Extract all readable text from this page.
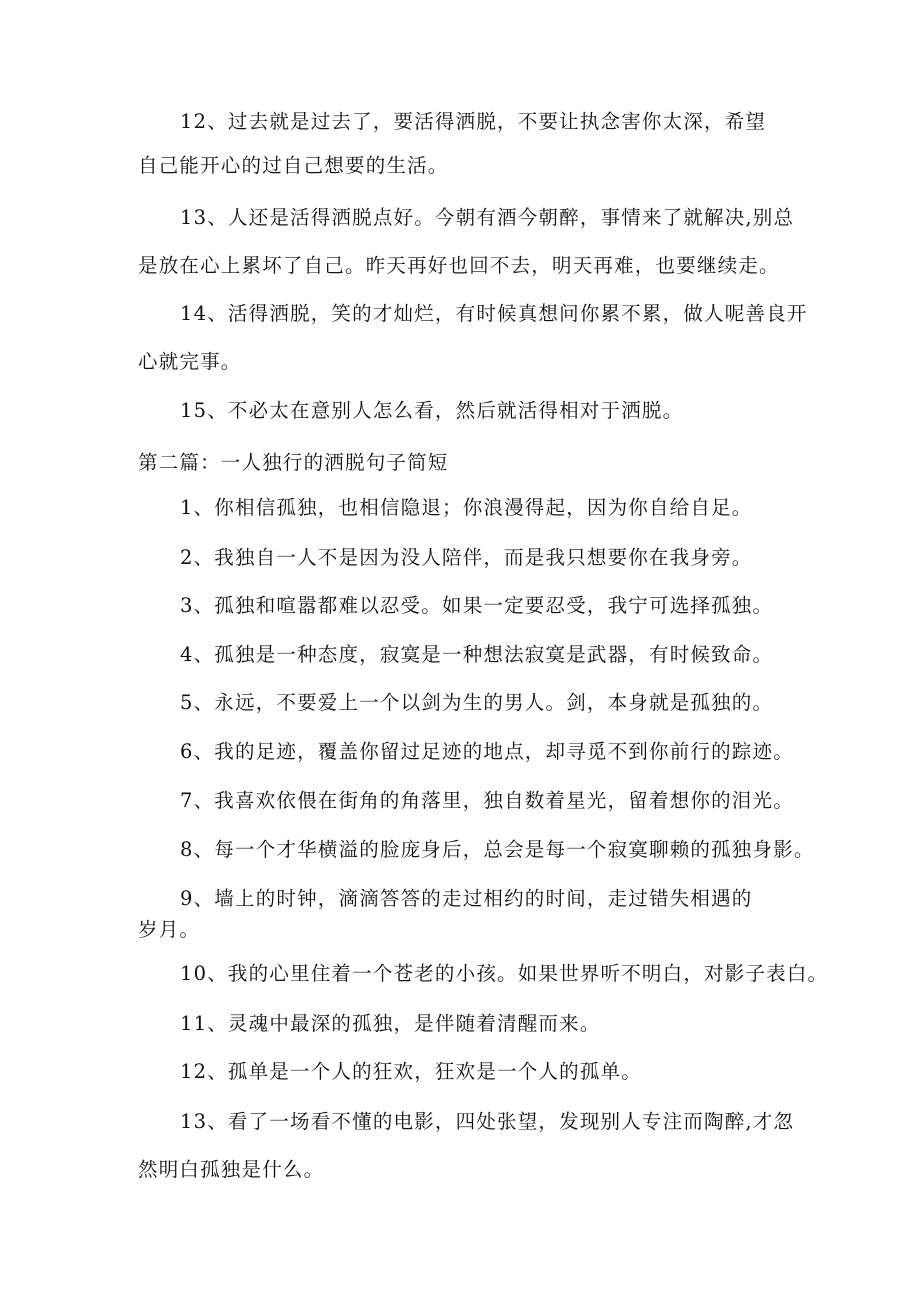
12、过去就是过去了，要活得洒脱，不要让执念害你太深，希望
自己能开心的过自己想要的生活。
13、人还是活得洒脱点好。今朝有酒今朝醉，事情来了就解决,别总
是放在心上累坏了自己。昨天再好也回不去，明天再难，也要继续走。
14、活得洒脱，笑的才灿烂，有时候真想问你累不累，做人呢善良开
心就完事。
15、不必太在意别人怎么看，然后就活得相对于洒脱。
第二篇：一人独行的洒脱句子简短
1、你相信孤独，也相信隐退；你浪漫得起，因为你自给自足。
2、我独自一人不是因为没人陪伴，而是我只想要你在我身旁。
3、孤独和喧嚣都难以忍受。如果一定要忍受，我宁可选择孤独。
4、孤独是一种态度，寂寞是一种想法寂寞是武器，有时候致命。
5、永远，不要爱上一个以剑为生的男人。剑，本身就是孤独的。
6、我的足迹，覆盖你留过足迹的地点，却寻觅不到你前行的踪迹。
7、我喜欢依偎在街角的角落里，独自数着星光，留着想你的泪光。
8、每一个才华横溢的脸庞身后，总会是每一个寂寞聊赖的孤独身影。
9、墙上的时钟，滴滴答答的走过相约的时间，走过错失相遇的
岁月。
10、我的心里住着一个苍老的小孩。如果世界听不明白，对影子表白。
11、灵魂中最深的孤独，是伴随着清醒而来。
12、孤单是一个人的狂欢，狂欢是一个人的孤单。
13、看了一场看不懂的电影，四处张望，发现别人专注而陶醉,才忽
然明白孤独是什么。
